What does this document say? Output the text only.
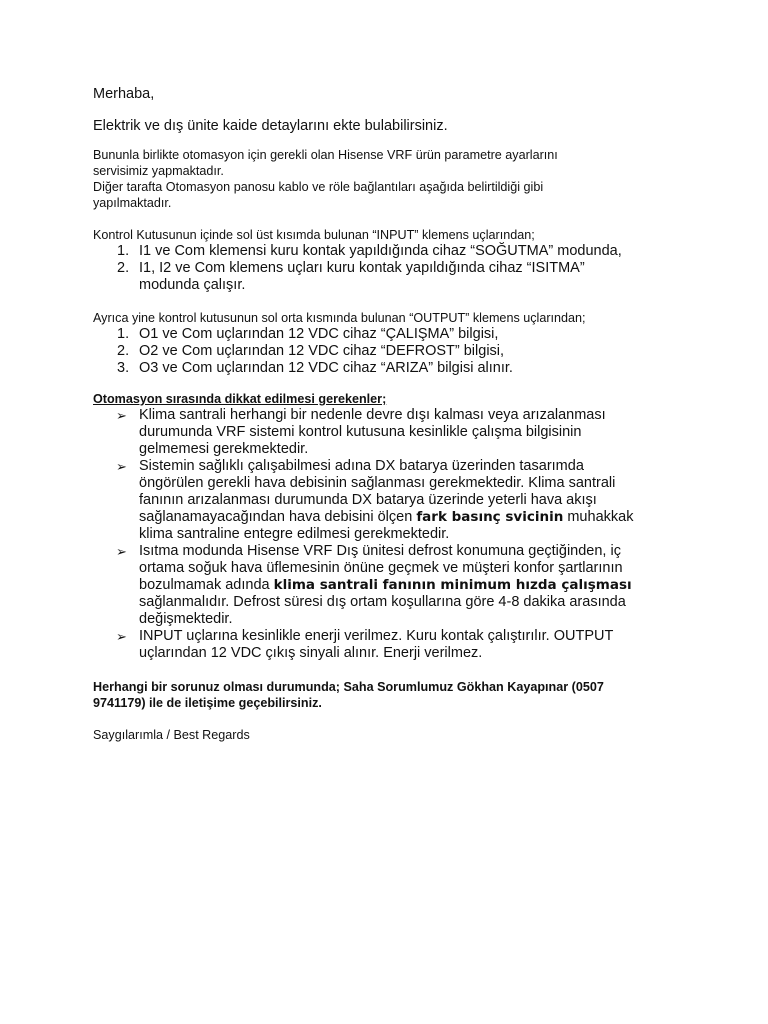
Merhaba,

Elektrik ve dış ünite kaide detaylarını ekte bulabilirsiniz.

Bununla birlikte otomasyon için gerekli olan Hisense VRF ürün parametre ayarlarını
servisimiz yapmaktadır.
Diğer tarafta Otomasyon panosu kablo ve röle bağlantıları aşağıda belirtildiği gibi
yapılmaktadır.

Kontrol Kutusunun içinde sol üst kısımda bulunan “INPUT” klemens uçlarından;

1. I1 ve Com klemensi kuru kontak yapıldığında cihaz “SOĞUTMA” modunda,
2. I1, I2 ve Com klemens uçları kuru kontak yapıldığında cihaz “ISITMA”
modunda çalışır.

Ayrıca yine kontrol kutusunun sol orta kısmında bulunan “OUTPUT” klemens uçlarından;

1. O1 ve Com uçlarından 12 VDC cihaz “ÇALIŞMA” bilgisi,
2. O2 ve Com uçlarından 12 VDC cihaz “DEFROST” bilgisi,
3. O3 ve Com uçlarından 12 VDC cihaz “ARIZA” bilgisi alınır.

Otomasyon sırasında dikkat edilmesi gerekenler;

➢ Klima santrali herhangi bir nedenle devre dışı kalması veya arızalanması
durumunda VRF sistemi kontrol kutusuna kesinlikle çalışma bilgisinin
gelmemesi gerekmektedir.
➢ Sistemin sağlıklı çalışabilmesi adına DX batarya üzerinden tasarımda
öngörülen gerekli hava debisinin sağlanması gerekmektedir. Klima santrali
fanının arızalanması durumunda DX batarya üzerinde yeterli hava akışı
sağlanamayacağından hava debisini ölçen fark basınç svicinin muhakkak
klima santraline entegre edilmesi gerekmektedir.
➢ Isıtma modunda Hisense VRF Dış ünitesi defrost konumuna geçtiğinden, iç
ortama soğuk hava üflemesinin önüne geçmek ve müşteri konfor şartlarının
bozulmamak adında klima santrali fanının minimum hızda çalışması
sağlanmalıdır. Defrost süresi dış ortam koşullarına göre 4-8 dakika arasında
değişmektedir.
➢ INPUT uçlarına kesinlikle enerji verilmez. Kuru kontak çalıştırılır. OUTPUT
uçlarından 12 VDC çıkış sinyali alınır. Enerji verilmez.

Herhangi bir sorunuz olması durumunda; Saha Sorumlumuz Gökhan Kayapınar (0507

9741179) ile de iletişime geçebilirsiniz.

Saygılarımla / Best Regards
